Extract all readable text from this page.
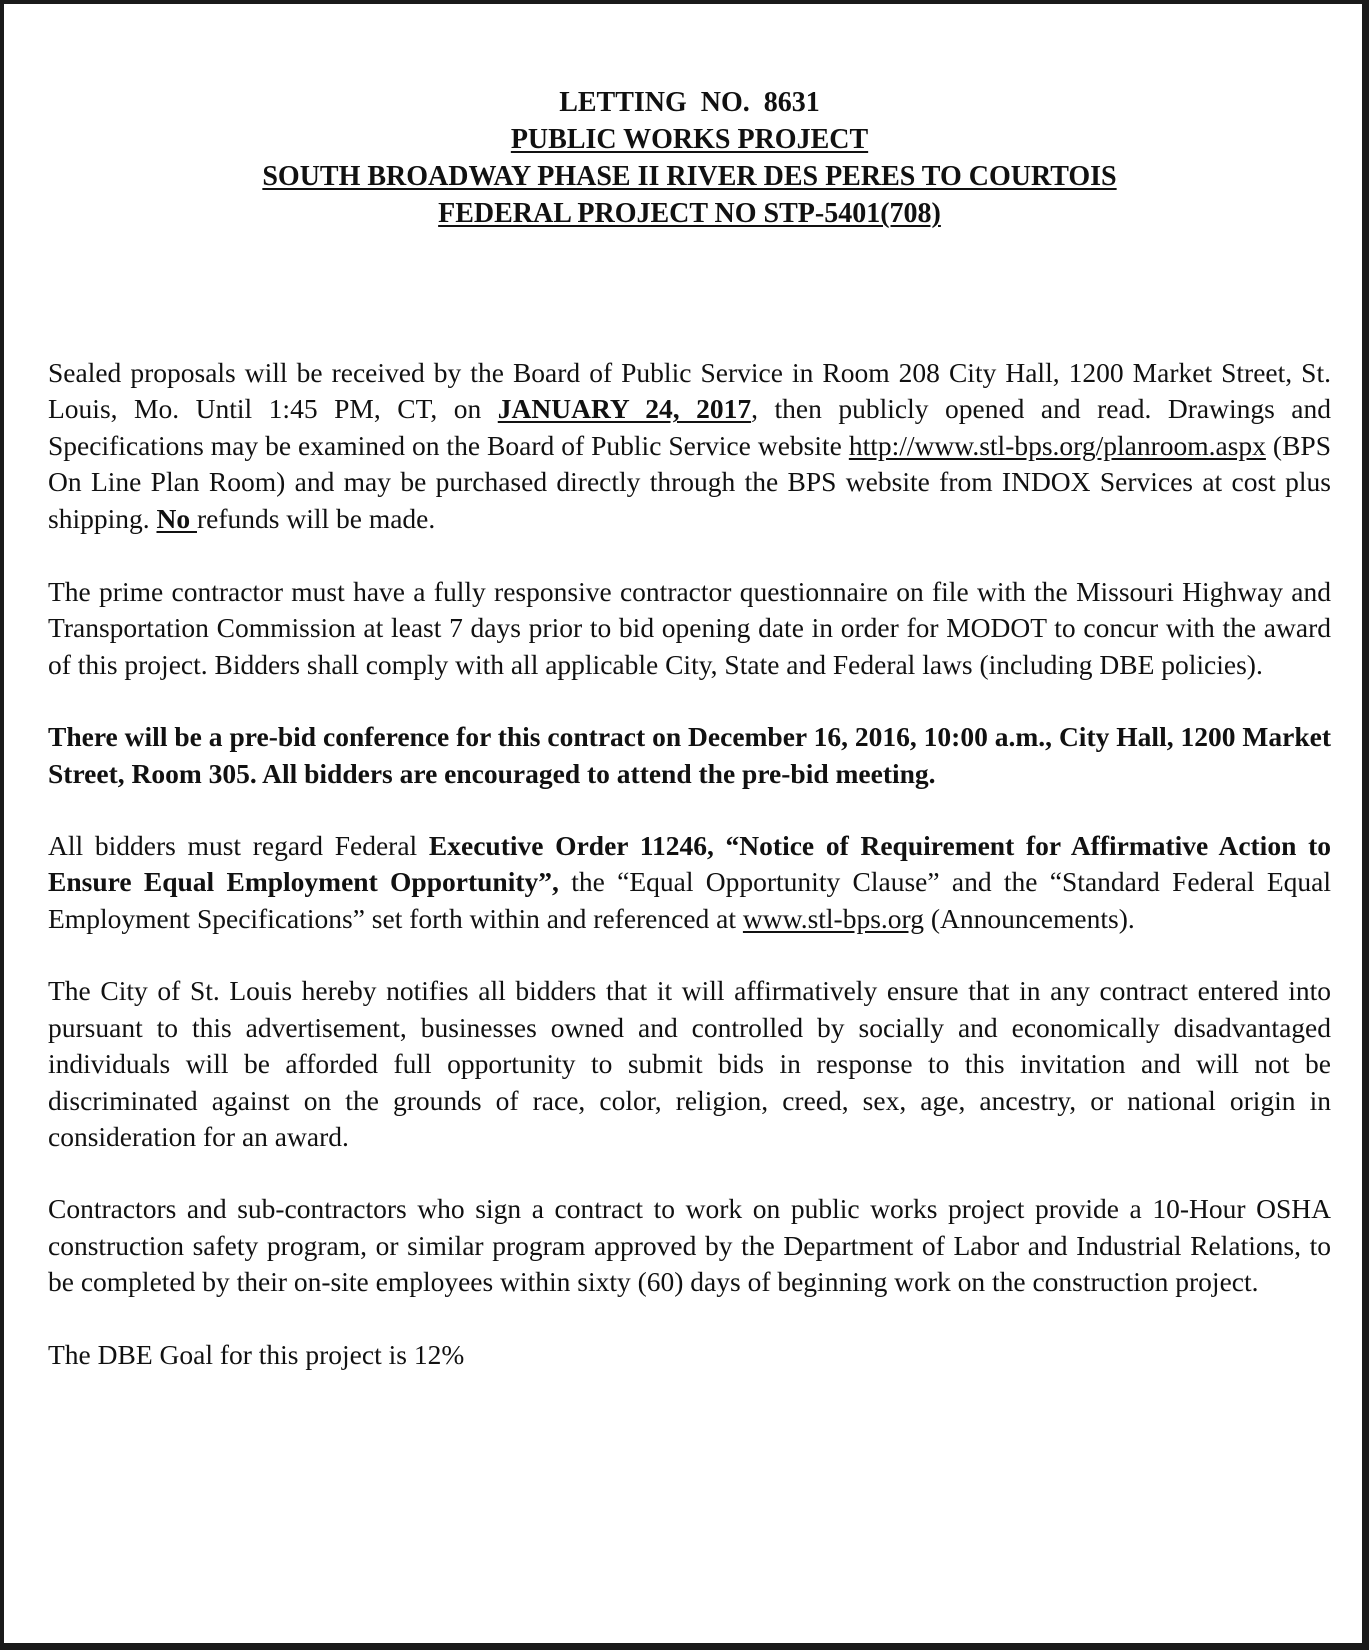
LETTING  NO.  8631
PUBLIC WORKS PROJECT
SOUTH BROADWAY PHASE II RIVER DES PERES TO COURTOIS
FEDERAL PROJECT NO STP-5401(708)

Sealed proposals will be received by the Board of Public Service in Room 208 City Hall, 1200 Market Street, St. Louis, Mo. Until 1:45 PM, CT, on JANUARY 24, 2017, then publicly opened and read. Drawings and Specifications may be examined on the Board of Public Service website http://www.stl-bps.org/planroom.aspx (BPS On Line Plan Room) and may be purchased directly through the BPS website from INDOX Services at cost plus shipping. No refunds will be made.

The prime contractor must have a fully responsive contractor questionnaire on file with the Missouri Highway and Transportation Commission at least 7 days prior to bid opening date in order for MODOT to concur with the award of this project. Bidders shall comply with all applicable City, State and Federal laws (including DBE policies).

There will be a pre-bid conference for this contract on December 16, 2016, 10:00 a.m., City Hall, 1200 Market Street, Room 305. All bidders are encouraged to attend the pre-bid meeting.

All bidders must regard Federal Executive Order 11246, “Notice of Requirement for Affirmative Action to Ensure Equal Employment Opportunity”, the “Equal Opportunity Clause” and the “Standard Federal Equal Employment Specifications” set forth within and referenced at www.stl-bps.org (Announcements).

The City of St. Louis hereby notifies all bidders that it will affirmatively ensure that in any contract entered into pursuant to this advertisement, businesses owned and controlled by socially and economically disadvantaged individuals will be afforded full opportunity to submit bids in response to this invitation and will not be discriminated against on the grounds of race, color, religion, creed, sex, age, ancestry, or national origin in consideration for an award.

Contractors and sub-contractors who sign a contract to work on public works project provide a 10-Hour OSHA construction safety program, or similar program approved by the Department of Labor and Industrial Relations, to be completed by their on-site employees within sixty (60) days of beginning work on the construction project.

The DBE Goal for this project is 12%
